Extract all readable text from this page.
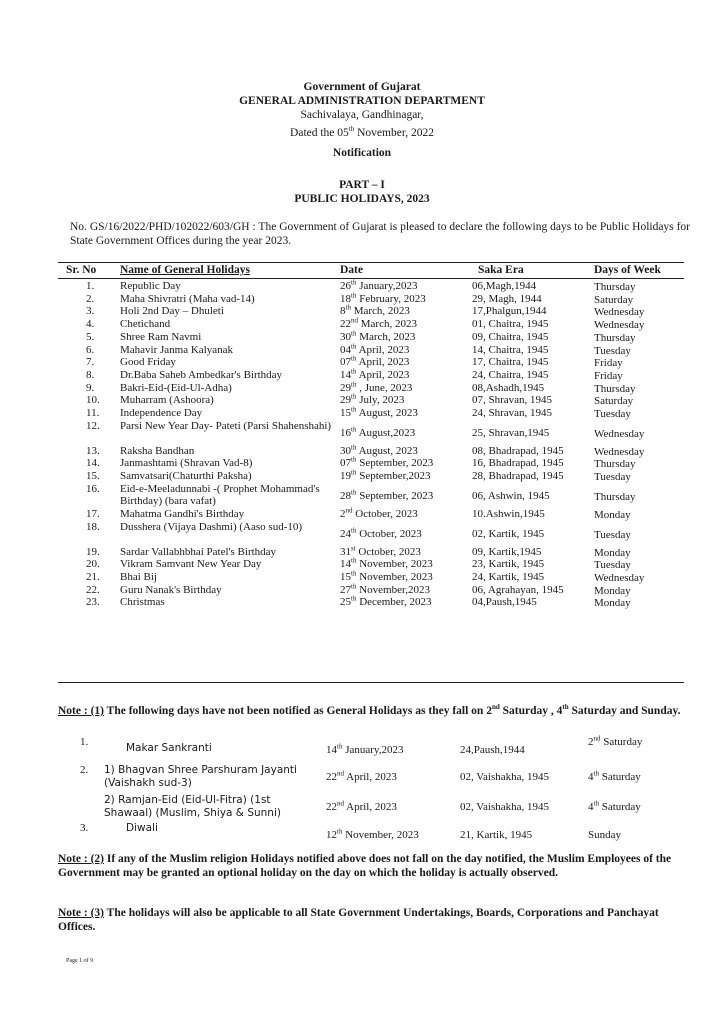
Government of Gujarat
GENERAL ADMINISTRATION DEPARTMENT
Sachivalaya, Gandhinagar,
Dated the 05th November, 2022
Notification
PART – I
PUBLIC HOLIDAYS, 2023
No. GS/16/2022/PHD/102022/603/GH : The Government of Gujarat is pleased to declare the following days to be Public Holidays for State Government Offices during the year 2023.
Sr. No Name of General Holidays	Date	Saka Era	Days of Week
1. Republic Day	26th January,2023	06,Magh,1944	Thursday
2. Maha Shivratri (Maha vad-14)	18th February, 2023	29, Magh, 1944	Saturday
3. Holi 2nd Day – Dhuleti	8th March, 2023	17,Phalgun,1944	Wednesday
4. Chetichand	22nd March, 2023	01, Chaitra, 1945	Wednesday
5. Shree Ram Navmi	30th March, 2023	09, Chaitra, 1945	Thursday
6. Mahavir Janma Kalyanak	04th April, 2023	14, Chaitra, 1945	Tuesday
7. Good Friday	07th April, 2023	17, Chaitra, 1945	Friday
8. Dr.Baba Saheb Ambedkar's Birthday	14th April, 2023	24, Chaitra, 1945	Friday
9. Bakri-Eid-(Eid-Ul-Adha)	29th , June, 2023	08,Ashadh,1945	Thursday
10. Muharram (Ashoora)	29th July, 2023	07, Shravan, 1945	Saturday
11. Independence Day	15th August, 2023	24, Shravan, 1945	Tuesday
12. Parsi New Year Day- Pateti (Parsi Shahenshahi)
16th August,2023	25, Shravan,1945	Wednesday
13. Raksha Bandhan	30th August, 2023	08, Bhadrapad, 1945	Wednesday
14. Janmashtami (Shravan Vad-8)	07th September, 2023	16, Bhadrapad, 1945	Thursday
15. Samvatsari(Chaturthi Paksha)	19th September,2023	28, Bhadrapad, 1945	Tuesday
16. Eid-e-Meeladunnabi -( Prophet Mohammad's Birthday) (bara vafat)	28th September, 2023	06, Ashwin, 1945	Thursday
17. Mahatma Gandhi's Birthday	2nd October, 2023	10.Ashwin,1945	Monday
18. Dusshera (Vijaya Dashmi) (Aaso sud-10)
24th October, 2023	02, Kartik, 1945	Tuesday
19. Sardar Vallabhbhai Patel's Birthday	31st October, 2023	09, Kartik,1945	Monday
20. Vikram Samvant New Year Day	14th November, 2023	23, Kartik, 1945	Tuesday
21. Bhai Bij	15th November, 2023	24, Kartik, 1945	Wednesday
22. Guru Nanak's Birthday	27th November,2023	06, Agrahayan, 1945	Monday
23. Christmas	25th December, 2023	04,Paush,1945	Monday
Note : (1) The following days have not been notified as General Holidays as they fall on 2nd Saturday , 4th Saturday and Sunday.
1.	Makar Sankranti	14th January,2023	24,Paush,1944
2nd Saturday
2. 1) Bhagvan Shree Parshuram Jayanti (Vaishakh sud-3)	22nd April, 2023	02, Vaishakha, 1945	4th Saturday
2) Ramjan-Eid (Eid-Ul-Fitra) (1st Shawaal) (Muslim, Shiya & Sunni)	22nd April, 2023	02, Vaishakha, 1945	4th Saturday
3.	Diwali
12th November, 2023	21, Kartik, 1945	Sunday
Note : (2) If any of the Muslim religion Holidays notified above does not fall on the day notified, the Muslim Employees of the Government may be granted an optional holiday on the day on which the holiday is actually observed.
Note : (3) The holidays will also be applicable to all State Government Undertakings, Boards, Corporations and Panchayat Offices.
Page 1 of 9
